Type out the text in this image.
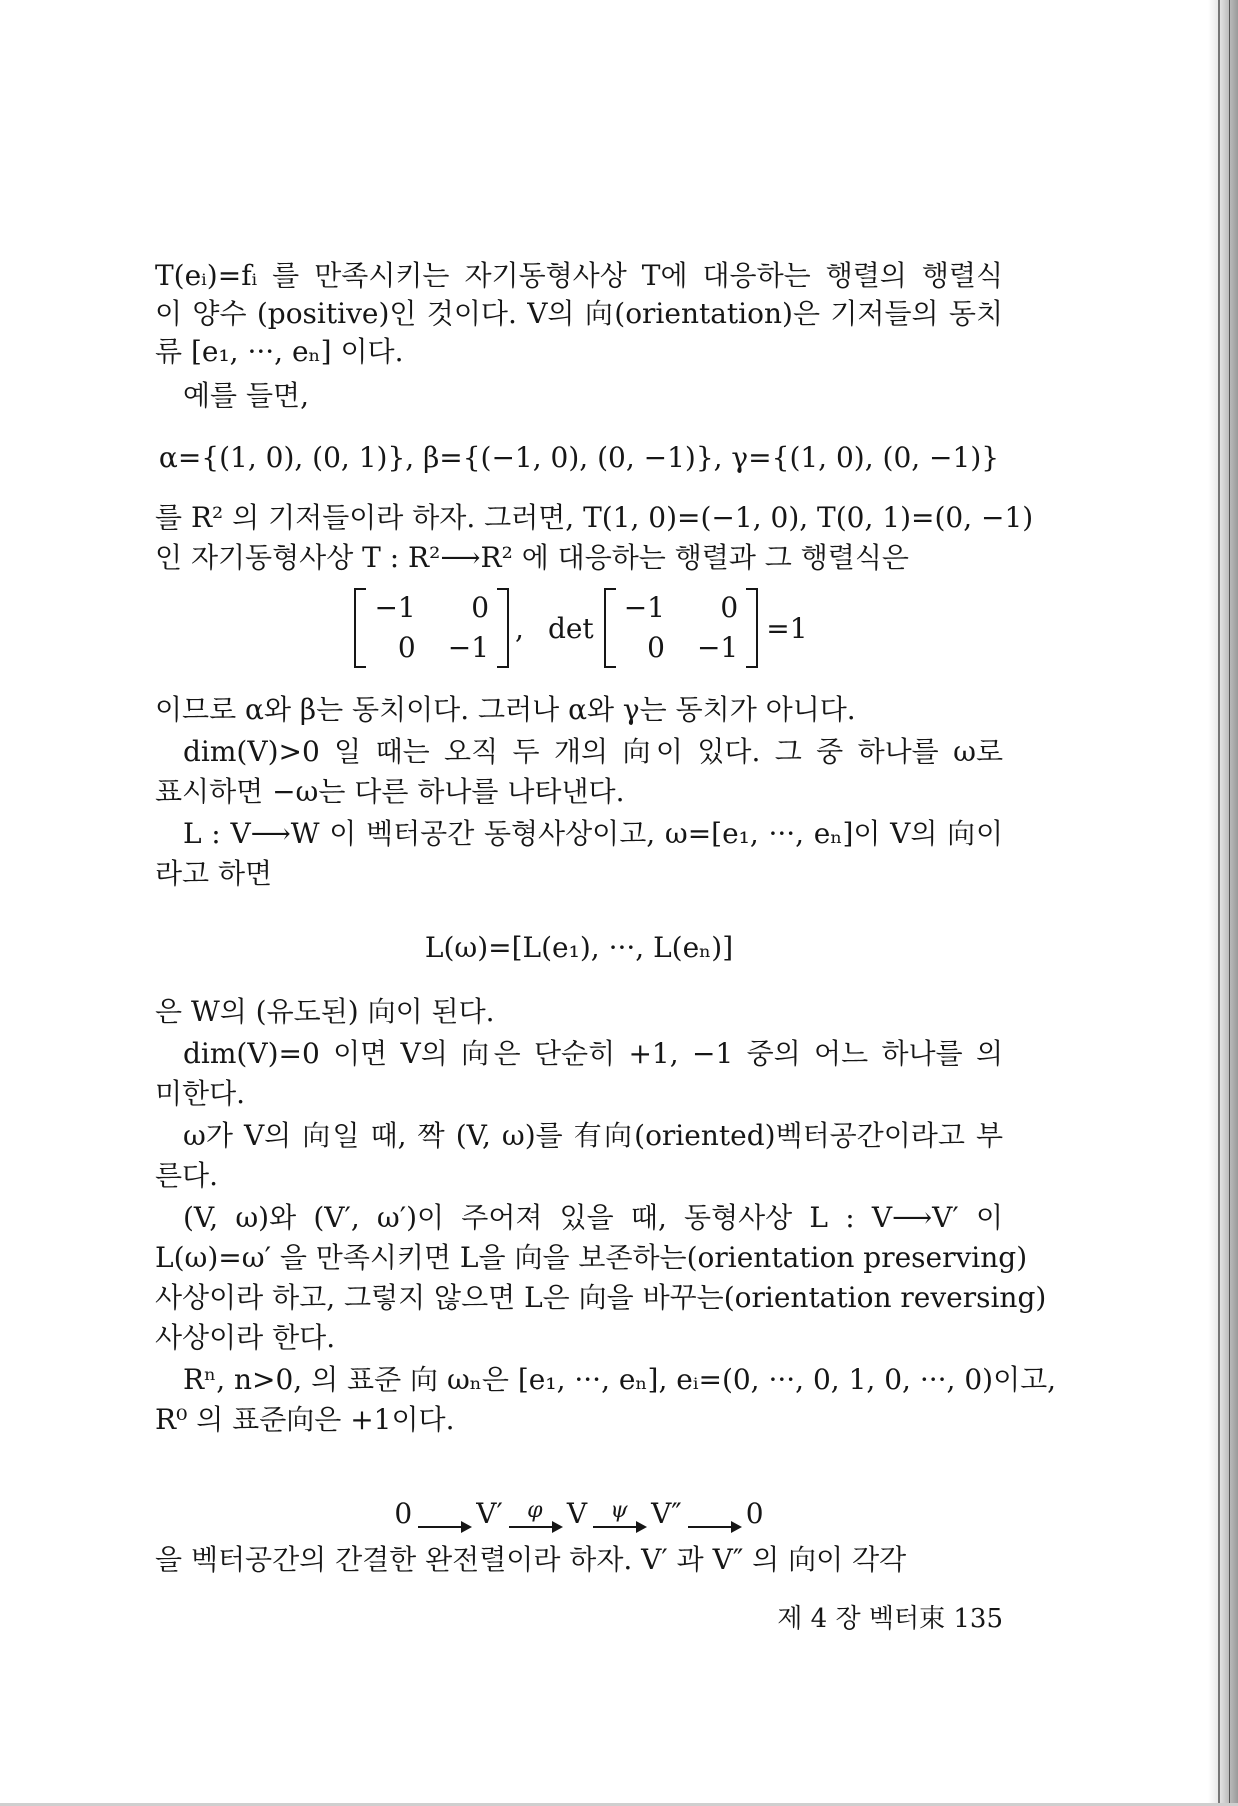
T(eᵢ)=fᵢ 를 만족시키는 자기동형사상 T에 대응하는 행렬의 행렬식
이 양수 (positive)인 것이다. V의 向(orientation)은 기저들의 동치
류 [e₁, ···, eₙ] 이다.
예를 들면,
α={(1, 0), (0, 1)}, β={(−1, 0), (0, −1)}, γ={(1, 0), (0, −1)}
를 R² 의 기저들이라 하자. 그러면, T(1, 0)=(−1, 0), T(0, 1)=(0, −1)
인 자기동형사상 T : R²⟶R² 에 대응하는 행렬과 그 행렬식은
−1 0
0 −1
, det
−1 0
0 −1
=1
이므로 α와 β는 동치이다. 그러나 α와 γ는 동치가 아니다.
dim(V)>0 일 때는 오직 두 개의 向이 있다. 그 중 하나를 ω로
표시하면 −ω는 다른 하나를 나타낸다.
L : V⟶W 이 벡터공간 동형사상이고, ω=[e₁, ···, eₙ]이 V의 向이
라고 하면
L(ω)=[L(e₁), ···, L(eₙ)]
은 W의 (유도된) 向이 된다.
dim(V)=0 이면 V의 向은 단순히 +1, −1 중의 어느 하나를 의
미한다.
ω가 V의 向일 때, 짝 (V, ω)를 有向(oriented)벡터공간이라고 부
른다.
(V, ω)와 (V′, ω′)이 주어져 있을 때, 동형사상 L : V⟶V′ 이
L(ω)=ω′ 을 만족시키면 L을 向을 보존하는(orientation preserving)
사상이라 하고, 그렇지 않으면 L은 向을 바꾸는(orientation reversing)
사상이라 한다.
Rⁿ, n>0, 의 표준 向 ωₙ은 [e₁, ···, eₙ], eᵢ=(0, ···, 0, 1, 0, ···, 0)이고,
R⁰ 의 표준向은 +1이다.
0 V′ φ V ψ V″ 0
을 벡터공간의 간결한 완전렬이라 하자. V′ 과 V″ 의 向이 각각
제 4 장 벡터束 135
